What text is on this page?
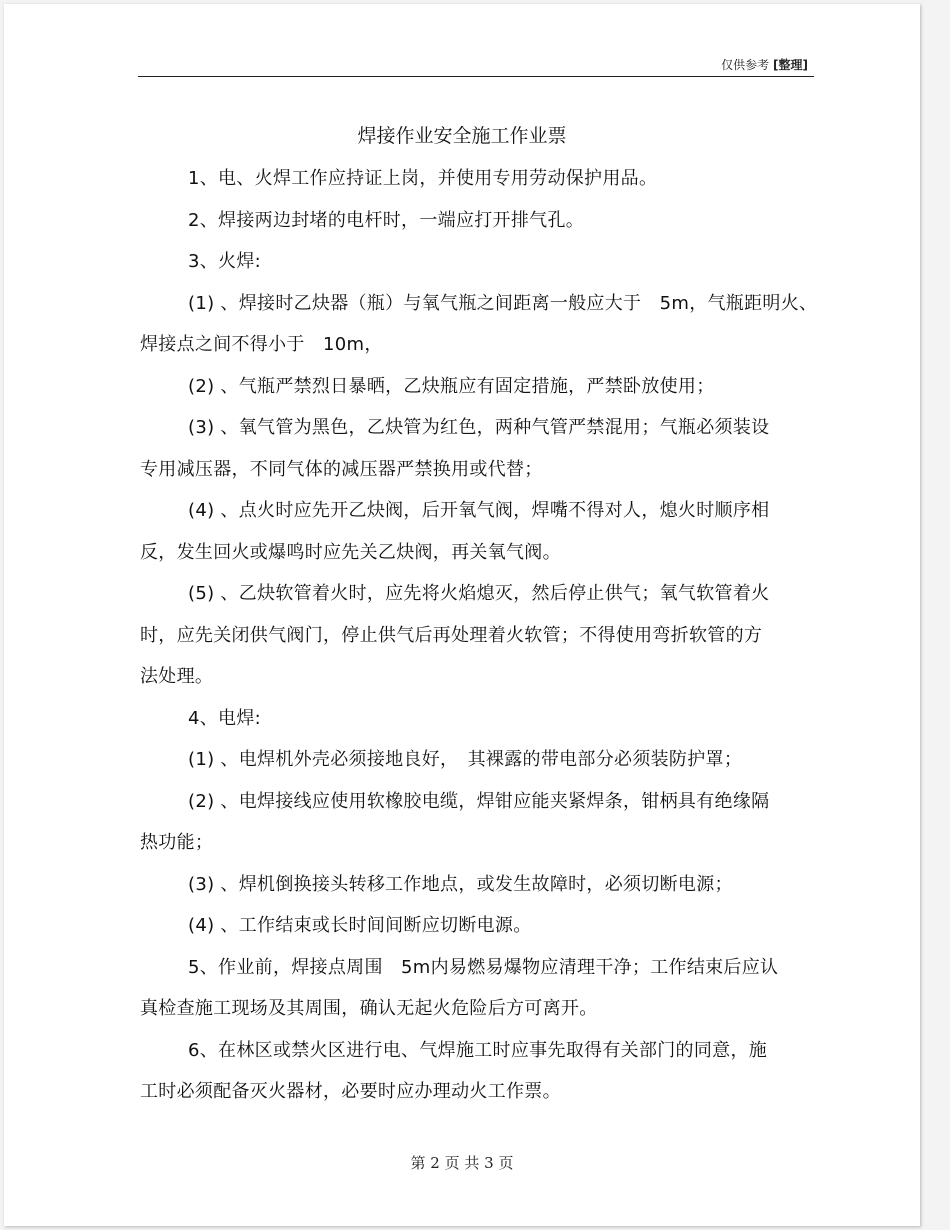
仅供参考 [整理]
焊接作业安全施工作业票

1、电、火焊工作应持证上岗，并使用专用劳动保护用品。

2、焊接两边封堵的电杆时，一端应打开排气孔。

3、火焊:

(1) 、焊接时乙炔器（瓶）与氧气瓶之间距离一般应大于　5m，气瓶距明火、焊接点之间不得小于　10m，

(2) 、气瓶严禁烈日暴晒，乙炔瓶应有固定措施，严禁卧放使用；

(3) 、氧气管为黑色，乙炔管为红色，两种气管严禁混用；气瓶必须装设专用减压器，不同气体的减压器严禁换用或代替；

(4) 、点火时应先开乙炔阀，后开氧气阀，焊嘴不得对人，熄火时顺序相反，发生回火或爆鸣时应先关乙炔阀，再关氧气阀。

(5) 、乙炔软管着火时，应先将火焰熄灭，然后停止供气；氧气软管着火时，应先关闭供气阀门，停止供气后再处理着火软管；不得使用弯折软管的方法处理。

4、电焊:

(1) 、电焊机外壳必须接地良好，　其裸露的带电部分必须装防护罩；

(2) 、电焊接线应使用软橡胶电缆，焊钳应能夹紧焊条，钳柄具有绝缘隔热功能；

(3) 、焊机倒换接头转移工作地点，或发生故障时，必须切断电源；

(4) 、工作结束或长时间间断应切断电源。

5、作业前，焊接点周围　5m内易燃易爆物应清理干净；工作结束后应认真检查施工现场及其周围，确认无起火危险后方可离开。

6、在林区或禁火区进行电、气焊施工时应事先取得有关部门的同意，施工时必须配备灭火器材，必要时应办理动火工作票。

第 2 页 共 3 页
